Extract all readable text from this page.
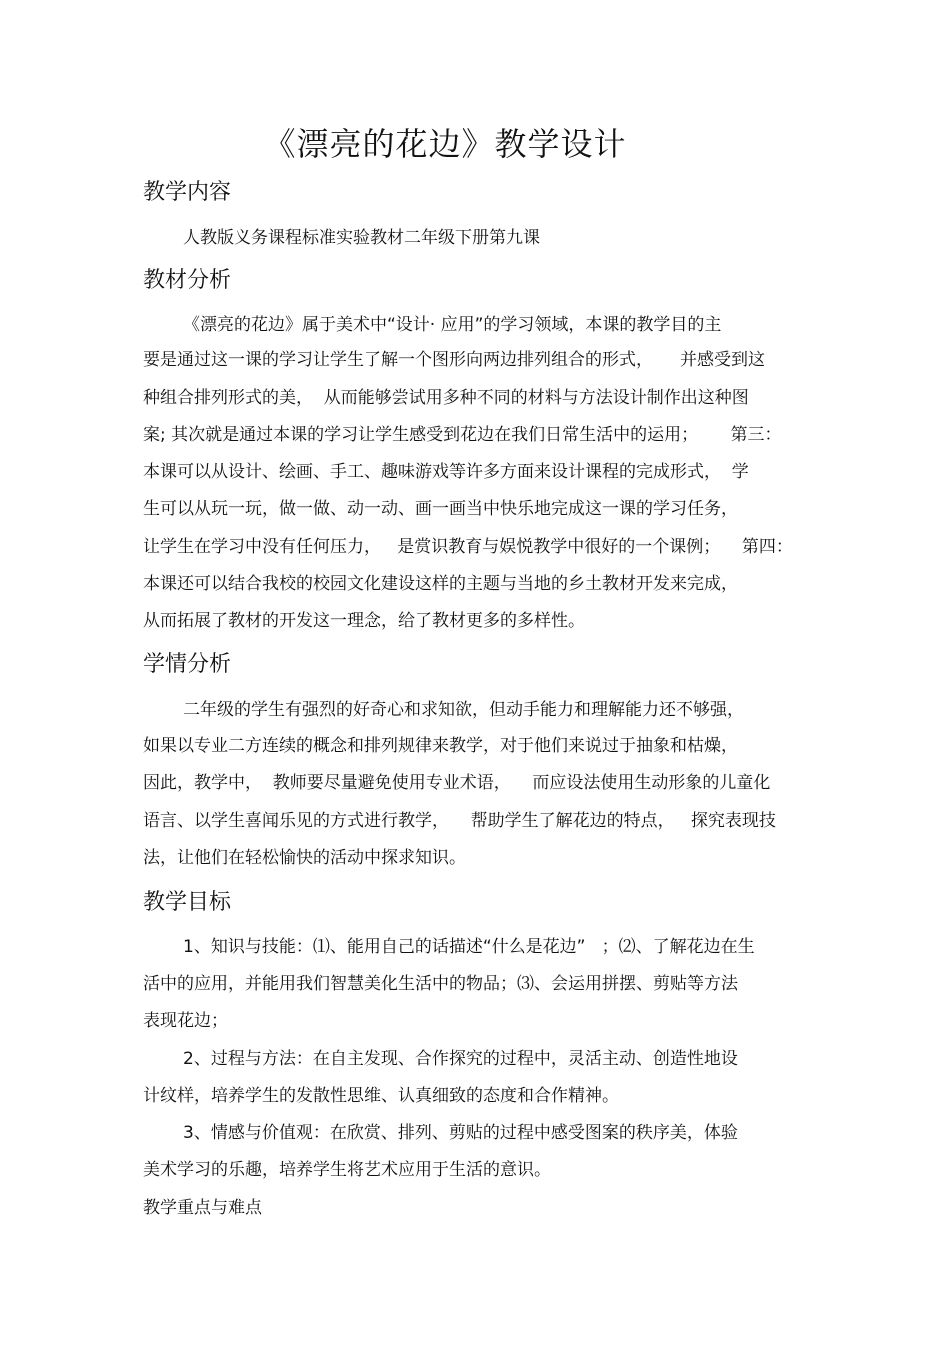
《漂亮的花边》教学设计
教学内容
人教版义务课程标准实验教材二年级下册第九课
教材分析
《漂亮的花边》属于美术中“设计· 应用”的学习领域，本课的教学目的主
要是通过这一课的学习让学生了解一个图形向两边排列组合的形式，     并感受到这
种组合排列形式的美，  从而能够尝试用多种不同的材料与方法设计制作出这种图
案; 其次就是通过本课的学习让学生感受到花边在我们日常生活中的运用；      第三：
本课可以从设计、绘画、手工、趣味游戏等许多方面来设计课程的完成形式，  学
生可以从玩一玩，做一做、动一动、画一画当中快乐地完成这一课的学习任务，
让学生在学习中没有任何压力，   是赏识教育与娱悦教学中很好的一个课例；    第四：
本课还可以结合我校的校园文化建设这样的主题与当地的乡土教材开发来完成，
从而拓展了教材的开发这一理念，给了教材更多的多样性。
学情分析
二年级的学生有强烈的好奇心和求知欲，但动手能力和理解能力还不够强，
如果以专业二方连续的概念和排列规律来教学，对于他们来说过于抽象和枯燥，
因此，教学中，  教师要尽量避免使用专业术语，    而应设法使用生动形象的儿童化
语言、以学生喜闻乐见的方式进行教学，    帮助学生了解花边的特点，   探究表现技
法，让他们在轻松愉快的活动中探求知识。
教学目标
1、知识与技能：⑴、能用自己的话描述“什么是花边”   ；⑵、了解花边在生
活中的应用，并能用我们智慧美化生活中的物品；⑶、会运用拼摆、剪贴等方法
表现花边；
2、过程与方法：在自主发现、合作探究的过程中，灵活主动、创造性地设
计纹样，培养学生的发散性思维、认真细致的态度和合作精神。
3、情感与价值观：在欣赏、排列、剪贴的过程中感受图案的秩序美，体验
美术学习的乐趣，培养学生将艺术应用于生活的意识。
教学重点与难点
